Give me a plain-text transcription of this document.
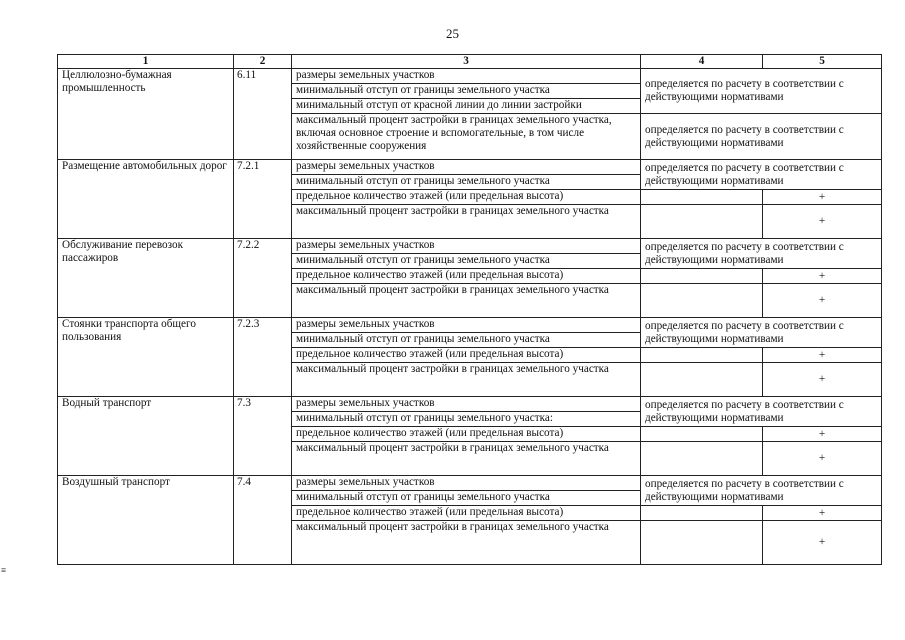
25
≡
1	2	3	4	5
Целлюлозно-бумажная промышленность	6.11	размеры земельных участков	определяется по расчету в соответствии с действующими нормативами	
		минимальный отступ от границы земельного участка		
		минимальный отступ от красной линии до линии застройки		
		максимальный процент застройки в границах земельного участка, включая основное строение и вспомогательные, в том числе хозяйственные сооружения	определяется по расчету в соответствии с действующими нормативами	
Размещение автомобильных дорог	7.2.1	размеры земельных участков	определяется по расчету в соответствии с действующими нормативами	
		минимальный отступ от границы земельного участка		
		предельное количество этажей (или предельная высота)		+
		максимальный процент застройки в границах земельного участка		+
Обслуживание перевозок пассажиров	7.2.2	размеры земельных участков	определяется по расчету в соответствии с действующими нормативами	
		минимальный отступ от границы земельного участка		
		предельное количество этажей (или предельная высота)		+
		максимальный процент застройки в границах земельного участка		+
Стоянки транспорта общего пользования	7.2.3	размеры земельных участков	определяется по расчету в соответствии с действующими нормативами	
		минимальный отступ от границы земельного участка		
		предельное количество этажей (или предельная высота)		+
		максимальный процент застройки в границах земельного участка		+
Водный транспорт	7.3	размеры земельных участков	определяется по расчету в соответствии с действующими нормативами	
		минимальный отступ от границы земельного участка:		
		предельное количество этажей (или предельная высота)		+
		максимальный процент застройки в границах земельного участка		+
Воздушный транспорт	7.4	размеры земельных участков	определяется по расчету в соответствии с действующими нормативами	
		минимальный отступ от границы земельного участка		
		предельное количество этажей (или предельная высота)		+
		максимальный процент застройки в границах земельного участка		+
